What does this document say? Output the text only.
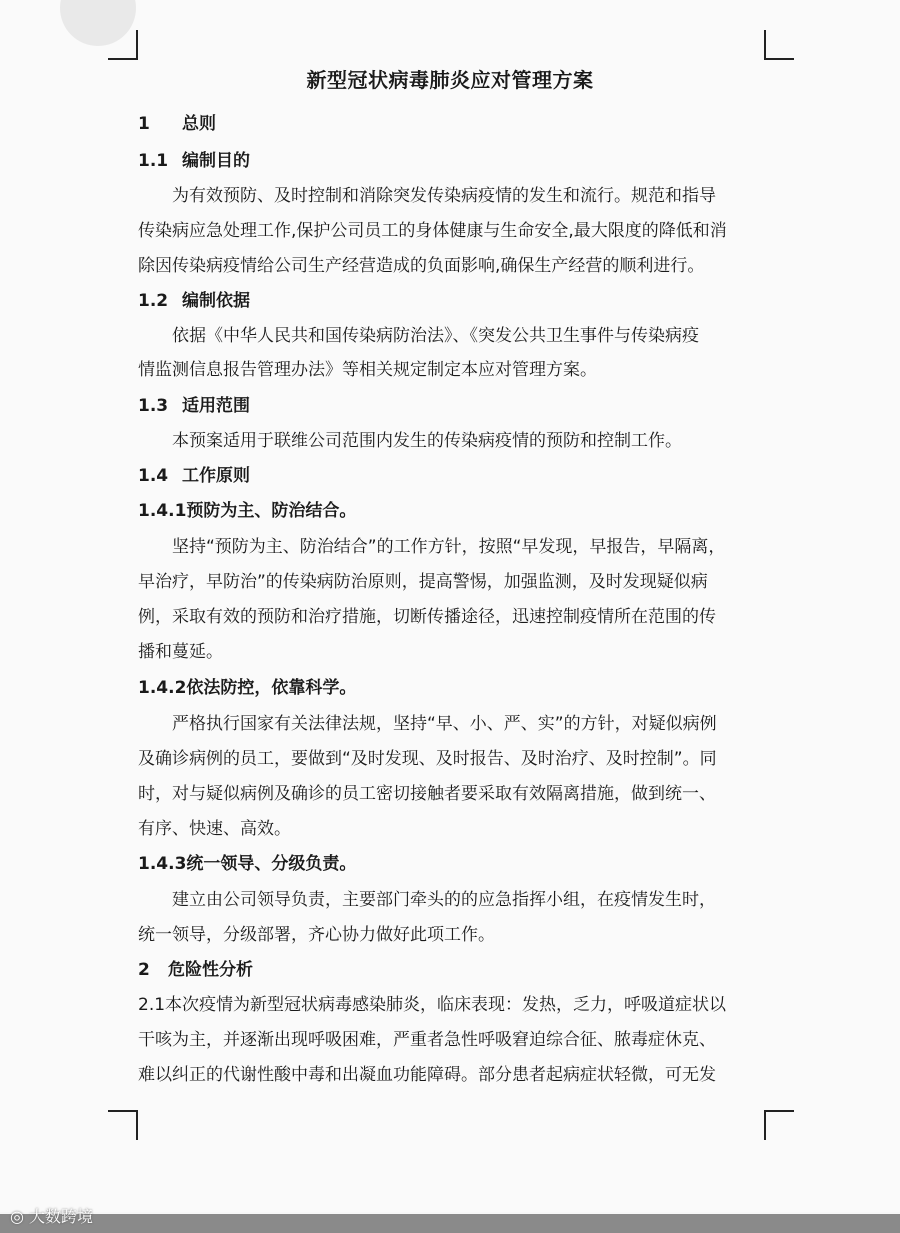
新型冠状病毒肺炎应对管理方案
1 总则
1.1 编制目的
为有效预防、及时控制和消除突发传染病疫情的发生和流行。规范和指导
传染病应急处理工作,保护公司员工的身体健康与生命安全,最大限度的降低和消
除因传染病疫情给公司生产经营造成的负面影响,确保生产经营的顺利进行。
1.2 编制依据
依据《中华人民共和国传染病防治法》、《突发公共卫生事件与传染病疫
情监测信息报告管理办法》等相关规定制定本应对管理方案。
1.3 适用范围
本预案适用于联维公司范围内发生的传染病疫情的预防和控制工作。
1.4 工作原则
1.4.1预防为主、防治结合。
坚持“预防为主、防治结合”的工作方针，按照“早发现，早报告，早隔离，
早治疗，早防治”的传染病防治原则，提高警惕，加强监测，及时发现疑似病
例，采取有效的预防和治疗措施，切断传播途径，迅速控制疫情所在范围的传
播和蔓延。
1.4.2依法防控，依靠科学。
严格执行国家有关法律法规，坚持“早、小、严、实”的方针，对疑似病例
及确诊病例的员工，要做到“及时发现、及时报告、及时治疗、及时控制”。同
时，对与疑似病例及确诊的员工密切接触者要采取有效隔离措施，做到统一、
有序、快速、高效。
1.4.3统一领导、分级负责。
建立由公司领导负责，主要部门牵头的的应急指挥小组，在疫情发生时，
统一领导，分级部署，齐心协力做好此项工作。
2 危险性分析
2.1本次疫情为新型冠状病毒感染肺炎，临床表现：发热，乏力，呼吸道症状以
干咳为主，并逐渐出现呼吸困难，严重者急性呼吸窘迫综合征、脓毒症休克、
难以纠正的代谢性酸中毒和出凝血功能障碍。部分患者起病症状轻微，可无发
◎ 大数跨境
